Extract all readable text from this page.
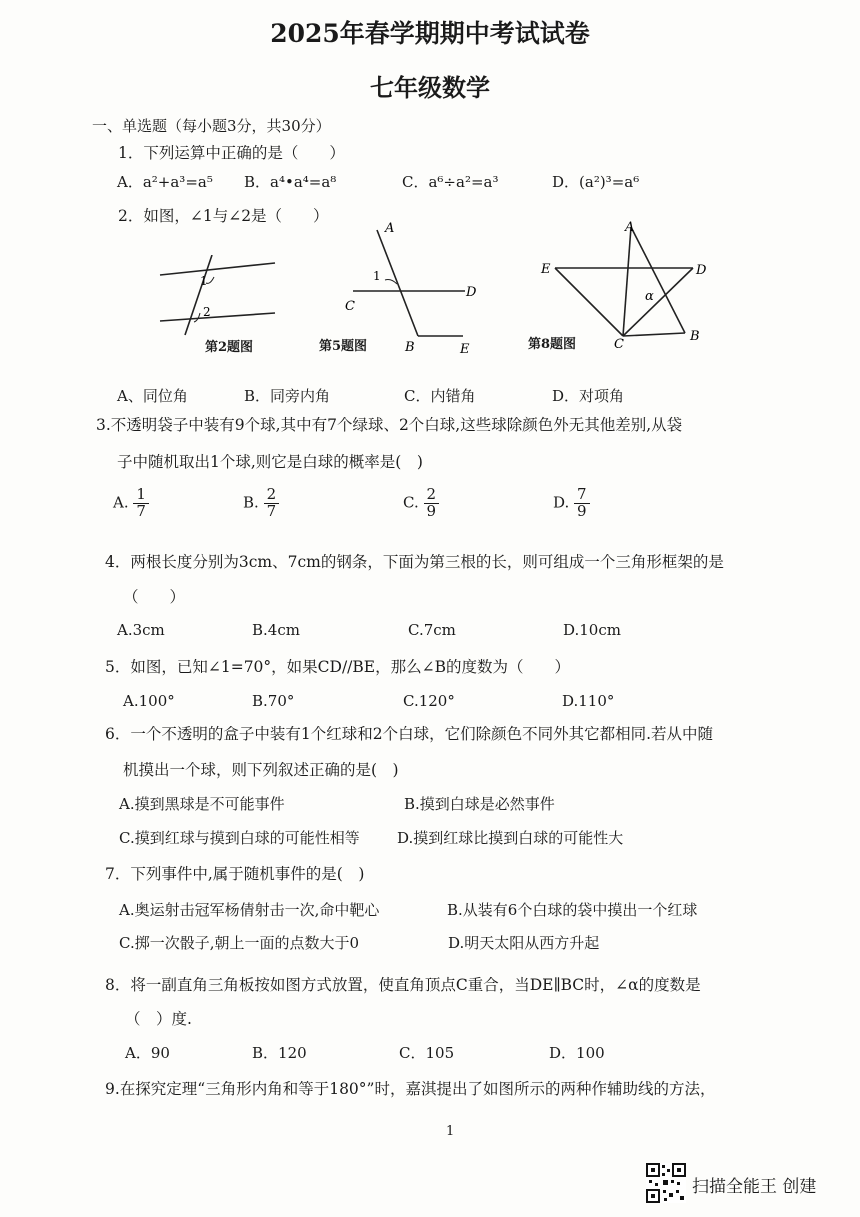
2025年春学期期中考试试卷
七年级数学
一、单选题（每小题3分，共30分）
1．下列运算中正确的是（　　）
A．a²+a³=a⁵ B．a⁴•a⁴=a⁸	C．a⁶÷a²=a³	D．(a²)³=a⁶
2．如图，∠1与∠2是（　　）
1
2
第2题图
A
1
C
D
B	E
第5题图
A
E	D
α
C
B
第8题图
A、同位角	B．同旁内角	C．内错角	D．对项角
3.不透明袋子中装有9个球,其中有7个绿球、2个白球,这些球除颜色外无其他差别,从袋
子中随机取出1个球,则它是白球的概率是(　)
A. $\frac{1}{7}$	B. $\frac{2}{7}$	C. $\frac{2}{9}$	D. $\frac{7}{9}$
4．两根长度分别为3cm、7cm的钢条，下面为第三根的长，则可组成一个三角形框架的是
（　　）
A.3cm	B.4cm	C.7cm	D.10cm
5．如图，已知∠1=70°，如果CD//BE，那么∠B的度数为（　　）
A.100°	B.70°	C.120°	D.110°
6．一个不透明的盒子中装有1个红球和2个白球，它们除颜色不同外其它都相同.若从中随
机摸出一个球，则下列叙述正确的是(　)
A.摸到黑球是不可能事件	B.摸到白球是必然事件
C.摸到红球与摸到白球的可能性相等 D.摸到红球比摸到白球的可能性大
7．下列事件中,属于随机事件的是(　)
A.奥运射击冠军杨倩射击一次,命中靶心	B.从装有6个白球的袋中摸出一个红球
C.掷一次骰子,朝上一面的点数大于0	D.明天太阳从西方升起
8．将一副直角三角板按如图方式放置，使直角顶点C重合，当DE∥BC时，∠α的度数是
（　）度.
A．90	B．120	C．105	D．100
9.在探究定理“三角形内角和等于180°”时，嘉淇提出了如图所示的两种作辅助线的方法，
1
扫描全能王 创建
